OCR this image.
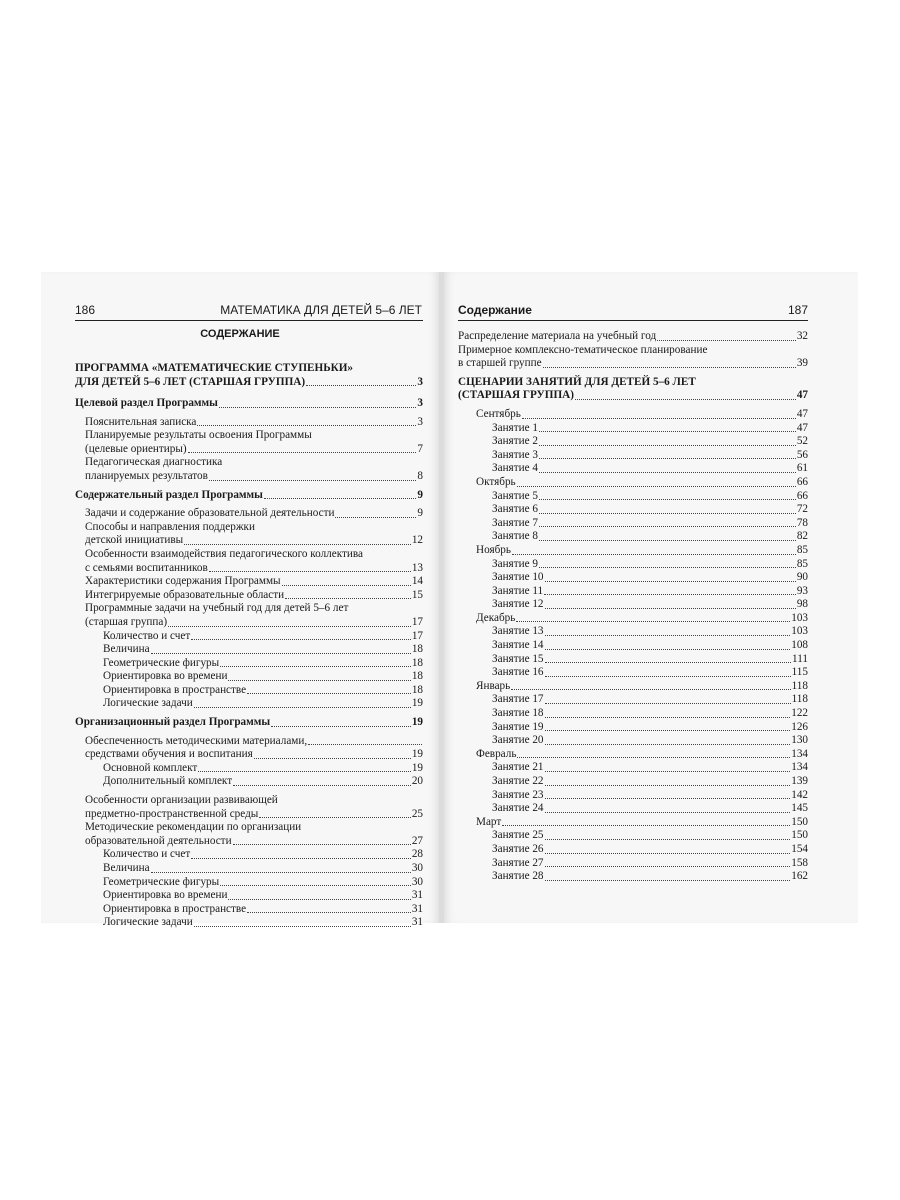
186	МАТЕМАТИКА ДЛЯ ДЕТЕЙ 5–6 ЛЕТ
СОДЕРЖАНИЕ
ПРОГРАММА «МАТЕМАТИЧЕСКИЕ СТУПЕНЬКИ»
ДЛЯ ДЕТЕЙ 5–6 ЛЕТ (СТАРШАЯ ГРУППА)	3
Целевой раздел Программы	3
Пояснительная записка	3
Планируемые результаты освоения Программы
(целевые ориентиры)	7
Педагогическая диагностика
планируемых результатов	8
Содержательный раздел Программы	9
Задачи и содержание образовательной деятельности	9
Способы и направления поддержки
детской инициативы	12
Особенности взаимодействия педагогического коллектива
с семьями воспитанников	13
Характеристики содержания Программы	14
Интегрируемые образовательные области	15
Программные задачи на учебный год для детей 5–6 лет
(старшая группа)	17
Количество и счет	17
Величина	18
Геометрические фигуры	18
Ориентировка во времени	18
Ориентировка в пространстве	18
Логические задачи	19
Организационный раздел Программы	19
Обеспеченность методическими материалами,
средствами обучения и воспитания	19
Основной комплект	19
Дополнительный комплект	20
Особенности организации развивающей
предметно-пространственной среды	25
Методические рекомендации по организации
образовательной деятельности	27
Количество и счет	28
Величина	30
Геометрические фигуры	30
Ориентировка во времени	31
Ориентировка в пространстве	31
Логические задачи	31
Содержание	187
Распределение материала на учебный год	32
Примерное комплексно-тематическое планирование
в старшей группе	39
СЦЕНАРИИ ЗАНЯТИЙ ДЛЯ ДЕТЕЙ 5–6 ЛЕТ
(СТАРШАЯ ГРУППА)	47
Сентябрь	47
Занятие 1	47
Занятие 2	52
Занятие 3	56
Занятие 4	61
Октябрь	66
Занятие 5	66
Занятие 6	72
Занятие 7	78
Занятие 8	82
Ноябрь	85
Занятие 9	85
Занятие 10	90
Занятие 11	93
Занятие 12	98
Декабрь	103
Занятие 13	103
Занятие 14	108
Занятие 15	111
Занятие 16	115
Январь	118
Занятие 17	118
Занятие 18	122
Занятие 19	126
Занятие 20	130
Февраль	134
Занятие 21	134
Занятие 22	139
Занятие 23	142
Занятие 24	145
Март	150
Занятие 25	150
Занятие 26	154
Занятие 27	158
Занятие 28	162
